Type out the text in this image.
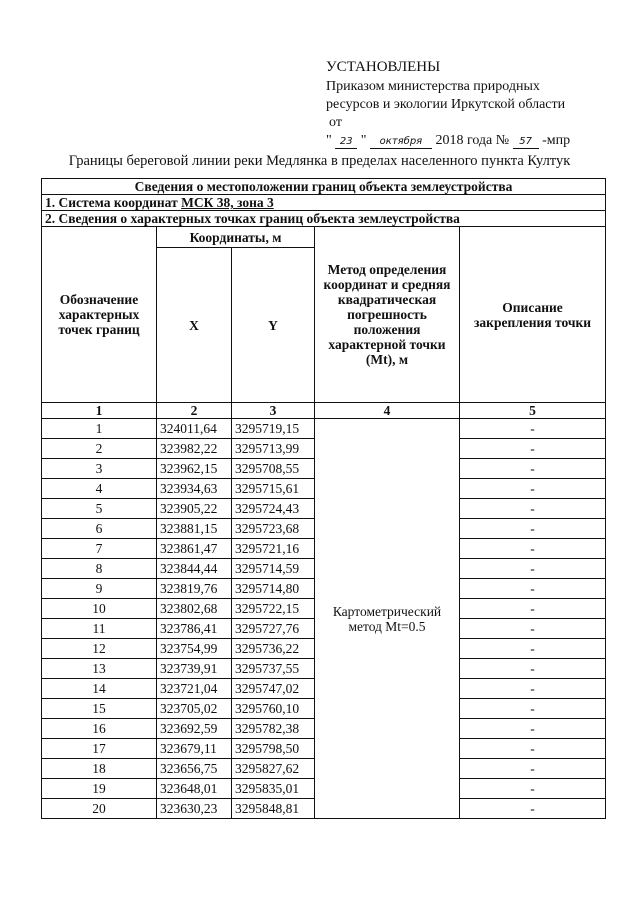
УСТАНОВЛЕНЫ
Приказом министерства природных
ресурсов и экологии Иркутской области
от
" 23 " октября 2018 года № 57 -мпр
Границы береговой линии реки Медлянка в пределах населенного пункта Култук
Сведения о местоположении границ объекта землеустройства				
1. Система координат МСК 38, зона 3				
2. Сведения о характерных точках границ объекта землеустройства				
Обозначение характерных точек границ	Координаты, м		Метод определения координат и средняя квадратическая погрешность положения характерной точки (Mt), м	Описание закрепления точки
	X	Y		
1	2	3	4	5
1	324011,64	3295719,15	Картометрический метод Mt=0.5	-
2	323982,22	3295713,99		-
3	323962,15	3295708,55		-
4	323934,63	3295715,61		-
5	323905,22	3295724,43		-
6	323881,15	3295723,68		-
7	323861,47	3295721,16		-
8	323844,44	3295714,59		-
9	323819,76	3295714,80		-
10	323802,68	3295722,15		-
11	323786,41	3295727,76		-
12	323754,99	3295736,22		-
13	323739,91	3295737,55		-
14	323721,04	3295747,02		-
15	323705,02	3295760,10		-
16	323692,59	3295782,38		-
17	323679,11	3295798,50		-
18	323656,75	3295827,62		-
19	323648,01	3295835,01		-
20	323630,23	3295848,81		-
